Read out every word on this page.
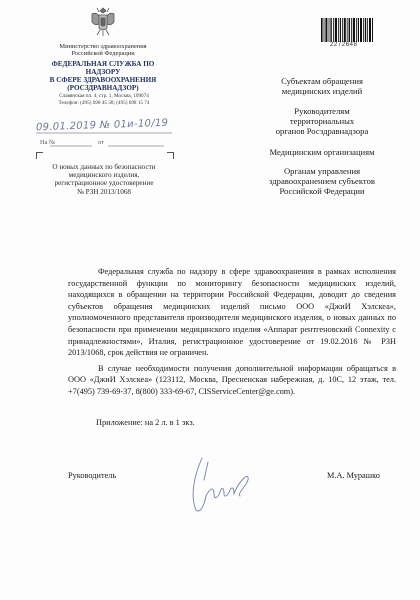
Министерство здравоохранения
Российской Федерации
ФЕДЕРАЛЬНАЯ СЛУЖБА ПО НАДЗОРУ
В СФЕРЕ ЗДРАВООХРАНЕНИЯ
(РОСЗДРАВНАДЗОР)
Славянская пл. 4, стр. 1, Москва, 109074
Телефон: (495) 698 45 38; (495) 698 15 74
09.01.2019 № 01и-10/19
На №	от
О новых данных по безопасности
медицинского изделия,
регистрационное удостоверение
№ РЗН 2013/1068
2272648
Субъектам обращения
медицинских изделий
Руководителям
территориальных
органов Росздравнадзора
Медицинским организациям
Органам управления
здравоохранением субъектов
Российской Федерации

Федеральная служба по надзору в сфере здравоохранения в рамках исполнения государственной функции по мониторингу безопасности медицинских изделий, находящихся в обращении на территории Российской Федерации, доводит до сведения субъектов обращения медицинских изделий письмо ООО «ДжиИ Хэлскеа», уполномоченного представителя производителя медицинского изделия, о новых данных по безопасности при применении медицинского изделия «Аппарат рентгеновский Connexity с принадлежностями», Италия, регистрационное удостоверение от 19.02.2016 № РЗН 2013/1068, срок действия не ограничен.

В случае необходимости получения дополнительной информации обращаться в ООО «ДжиИ Хэлскеа» (123112, Москва, Пресненская набережная, д. 10С, 12 этаж, тел. +7(495) 739-69-37, 8(800) 333-69-67, CISServiceCenter@ge.com).

Приложение: на 2 л. в 1 экз.
Руководитель	М.А. Мурашко
